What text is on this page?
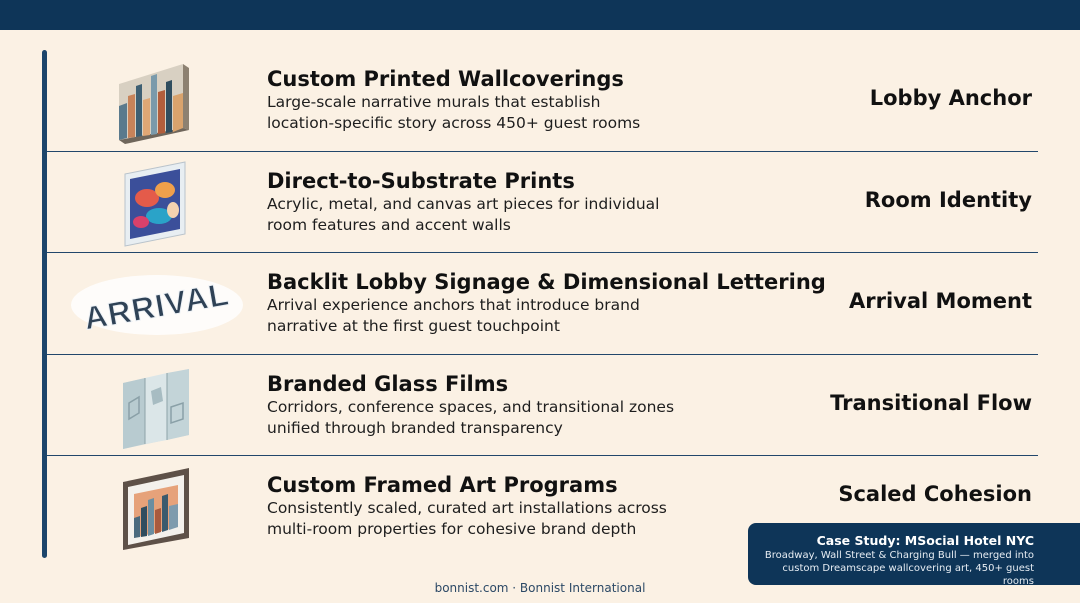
Custom Printed Wallcoverings
Large-scale narrative murals that establish
location-specific story across 450+ guest rooms
Lobby Anchor
Direct-to-Substrate Prints
Acrylic, metal, and canvas art pieces for individual
room features and accent walls
Room Identity
ARRIVAL Backlit Lobby Signage & Dimensional Lettering
Arrival experience anchors that introduce brand
narrative at the first guest touchpoint
Arrival Moment
Branded Glass Films
Corridors, conference spaces, and transitional zones
unified through branded transparency
Transitional Flow
Custom Framed Art Programs
Consistently scaled, curated art installations across
multi-room properties for cohesive brand depth
Scaled Cohesion
Case Study: MSocial Hotel NYC
Broadway, Wall Street & Charging Bull — merged into
custom Dreamscape wallcovering art, 450+ guest rooms
bonnist.com · Bonnist International
